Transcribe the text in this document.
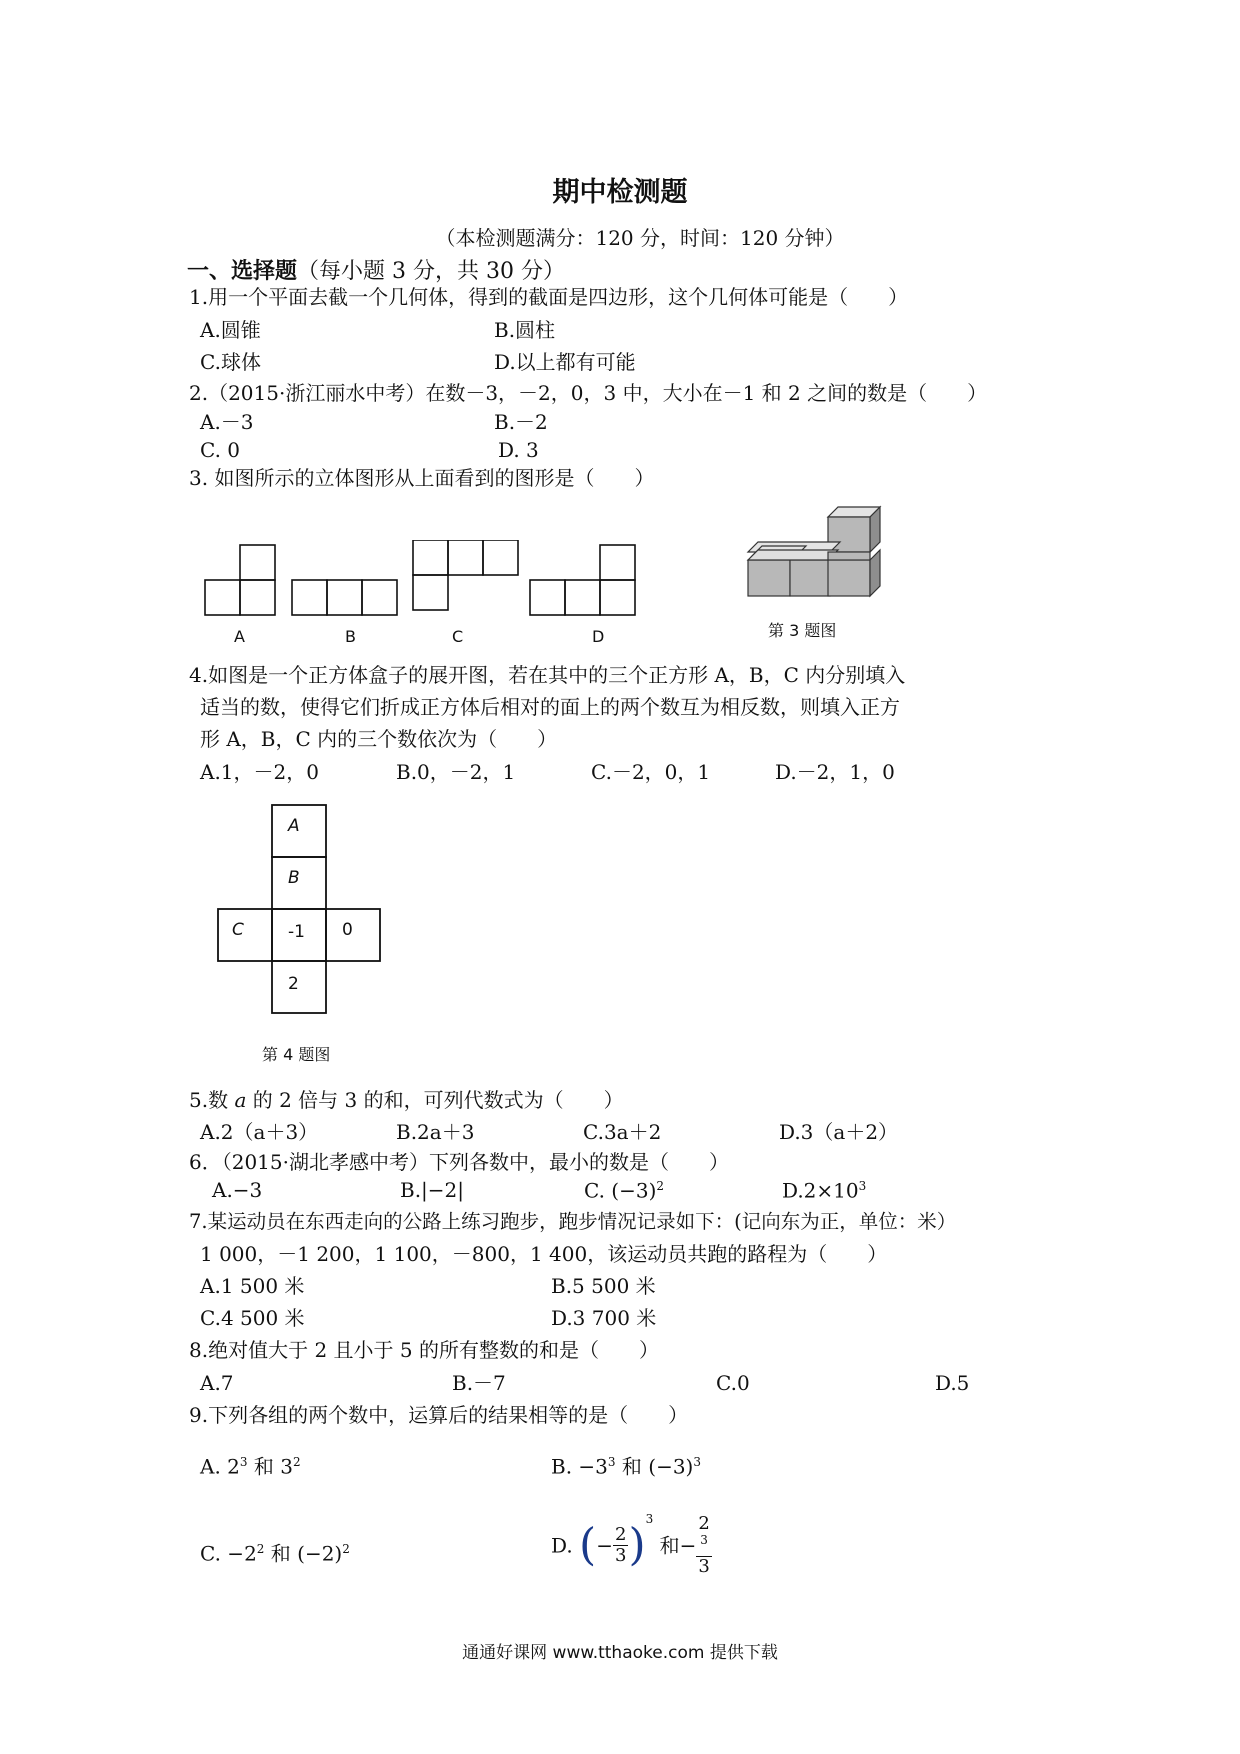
期中检测题
（本检测题满分：120 分，时间：120 分钟）
一、选择题（每小题 3 分，共 30 分）
1.用一个平面去截一个几何体，得到的截面是四边形，这个几何体可能是（　　）
A.圆锥	B.圆柱
C.球体	D.以上都有可能
2.（2015·浙江丽水中考）在数－3，－2，0，3 中，大小在－1 和 2 之间的数是（　　）
A.－3	B.－2
C. 0	D. 3
3. 如图所示的立体图形从上面看到的图形是（　　）
A	B	C	D	第 3 题图
4.如图是一个正方体盒子的展开图，若在其中的三个正方形 A，B，C 内分别填入
适当的数，使得它们折成正方体后相对的面上的两个数互为相反数，则填入正方
形 A，B，C 内的三个数依次为（　　）
A.1，－2，0	B.0，－2，1	C.－2，0，1	D.－2，1，0
A
B
C	-1 0
2
第 4 题图
5.数 a 的 2 倍与 3 的和，可列代数式为（　　）
A.2（a＋3）	B.2a＋3	C.3a＋2	D.3（a＋2）
6．（2015·湖北孝感中考）下列各数中，最小的数是（　　）
A.−3	B.|−2|	C. $(-3)^2$	$D.2\times 10^3$
7.某运动员在东西走向的公路上练习跑步，跑步情况记录如下：(记向东为正，单位：米）
1 000，－1 200，1 100，－800，1 400，该运动员共跑的路程为（　　）
A.1 500 米	B.5 500 米
C.4 500 米	D.3 700 米
8.绝对值大于 2 且小于 5 的所有整数的和是（　　）
A.7	B.－7	C.0	D.5
9.下列各组的两个数中，运算后的结果相等的是（　　）
A. $2^3$ 和 $3^2$	B. $-3^3$ 和 $(-3)^3$
C. $-2^2$ 和 $(-2)^2$	D. (− $\frac{2}{3} )^3$ 和− 2
$^3$
3
通通好课网 www.tthaoke.com 提供下载
